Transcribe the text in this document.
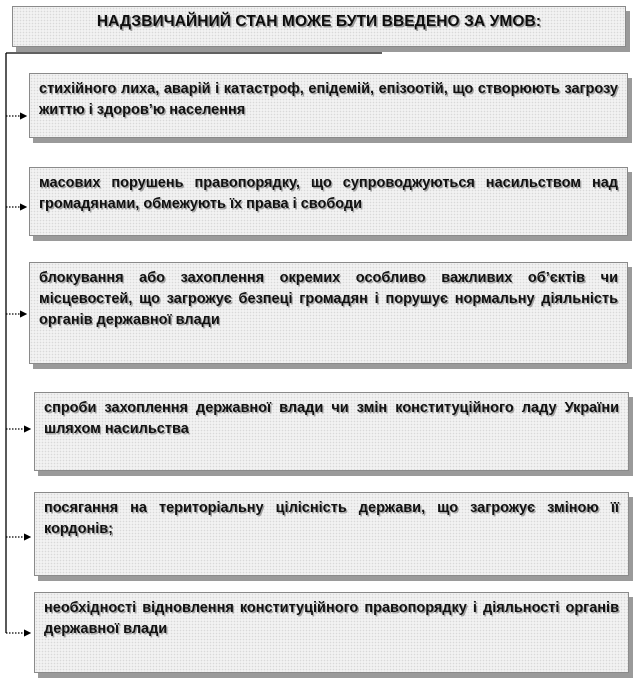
НАДЗВИЧАЙНИЙ СТАН МОЖЕ БУТИ ВВЕДЕНО ЗА УМОВ:
стихійного лиха, аварій і катастроф, епідемій, епізоотій, що створюють загрозу життю і здоров’ю населення
масових порушень правопорядку, що супроводжуються насильством над громадянами, обмежують їх права і свободи
блокування або захоплення окремих особливо важливих об’єктів чи місцевостей, що загрожує безпеці громадян і порушує нормальну діяльність органів державної влади
спроби захоплення державної влади чи змін конституційного ладу України шляхом насильства
посягання на територіальну цілісність держави, що загрожує зміною її кордонів;
необхідності відновлення конституційного правопорядку і діяльності органів державної влади
